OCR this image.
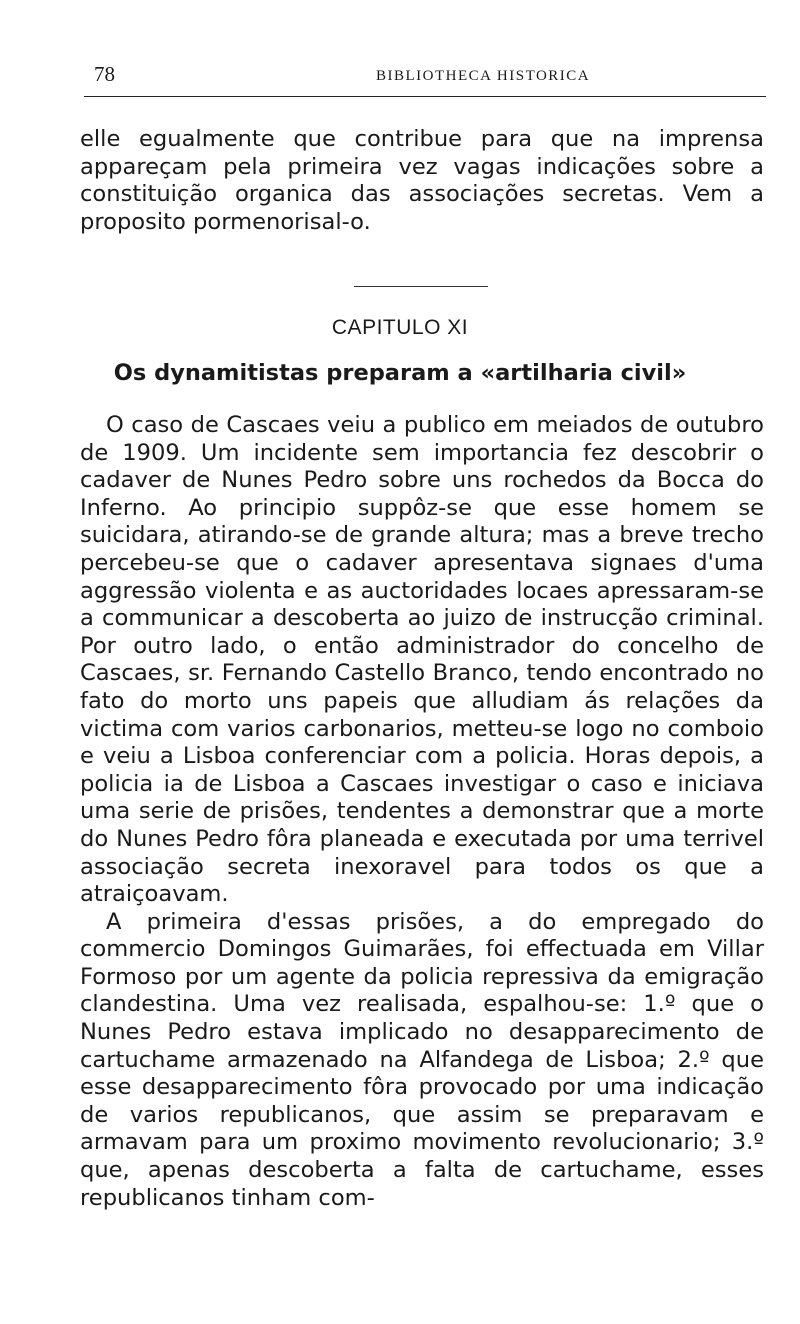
78	BIBLIOTHECA HISTORICA

elle egualmente que contribue para que na imprensa appareçam pela primeira vez vagas indicações sobre a constituição organica das associações secretas. Vem a proposito pormenorisal-o.

CAPITULO XI
Os dynamitistas preparam a «artilharia civil»

O caso de Cascaes veiu a publico em meiados de outubro de 1909. Um incidente sem importancia fez descobrir o cadaver de Nunes Pedro sobre uns rochedos da Bocca do Inferno. Ao principio suppôz-se que esse homem se suicidara, atirando-se de grande altura; mas a breve trecho percebeu-se que o cadaver apresentava signaes d'uma aggressão violenta e as auctoridades locaes apressaram-se a communicar a descoberta ao juizo de instrucção criminal. Por outro lado, o então administrador do concelho de Cascaes, sr. Fernando Castello Branco, tendo encontrado no fato do morto uns papeis que alludiam ás relações da victima com varios carbonarios, metteu-se logo no comboio e veiu a Lisboa conferenciar com a policia. Horas depois, a policia ia de Lisboa a Cascaes investigar o caso e iniciava uma serie de prisões, tendentes a demonstrar que a morte do Nunes Pedro fôra planeada e executada por uma terrivel associação secreta inexoravel para todos os que a atraiçoavam.

A primeira d'essas prisões, a do empregado do commercio Domingos Guimarães, foi effectuada em Villar Formoso por um agente da policia repressiva da emigração clandestina. Uma vez realisada, espalhou-se: 1.º que o Nunes Pedro estava implicado no desapparecimento de cartuchame armazenado na Alfandega de Lisboa; 2.º que esse desapparecimento fôra provocado por uma indicação de varios republicanos, que assim se preparavam e armavam para um proximo movimento revolucionario; 3.º que, apenas descoberta a falta de cartuchame, esses republicanos tinham com-
